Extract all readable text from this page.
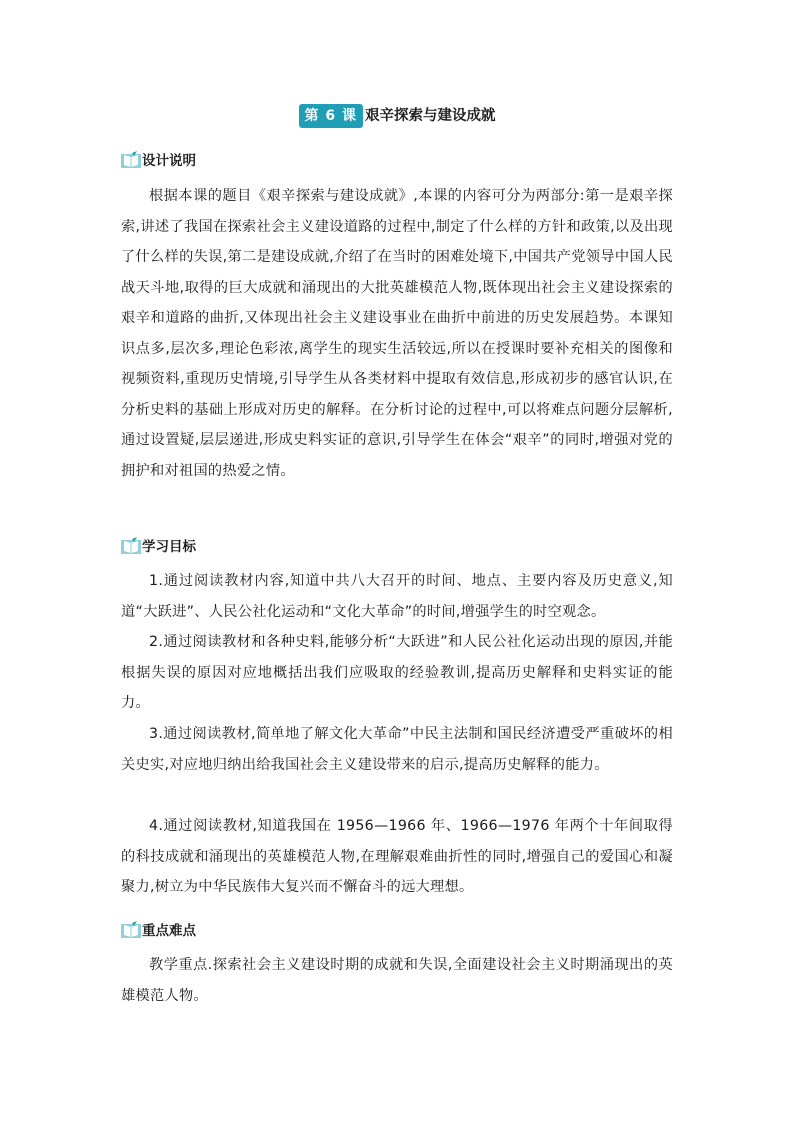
第 6 课 艰辛探索与建设成就
设计说明

根据本课的题目《艰辛探索与建设成就》,本课的内容可分为两部分:第一是艰辛探索,讲述了我国在探索社会主义建设道路的过程中,制定了什么样的方针和政策,以及出现了什么样的失误,第二是建设成就,介绍了在当时的困难处境下,中国共产党领导中国人民战天斗地,取得的巨大成就和涌现出的大批英雄模范人物,既体现出社会主义建设探索的艰辛和道路的曲折,又体现出社会主义建设事业在曲折中前进的历史发展趋势。本课知识点多,层次多,理论色彩浓,离学生的现实生活较远,所以在授课时要补充相关的图像和视频资料,重现历史情境,引导学生从各类材料中提取有效信息,形成初步的感官认识,在分析史料的基础上形成对历史的解释。在分析讨论的过程中,可以将难点问题分层解析,通过设置疑,层层递进,形成史料实证的意识,引导学生在体会“艰辛”的同时,增强对党的拥护和对祖国的热爱之情。

学习目标

1.通过阅读教材内容,知道中共八大召开的时间、地点、主要内容及历史意义,知道“大跃进”、人民公社化运动和“文化大革命”的时间,增强学生的时空观念。

2.通过阅读教材和各种史料,能够分析“大跃进”和人民公社化运动出现的原因,并能根据失误的原因对应地概括出我们应吸取的经验教训,提高历史解释和史料实证的能力。

3.通过阅读教材,简单地了解文化大革命”中民主法制和国民经济遭受严重破坏的相关史实,对应地归纳出给我国社会主义建设带来的启示,提高历史解释的能力。

4.通过阅读教材,知道我国在 1956—1966 年、1966—1976 年两个十年间取得的科技成就和涌现出的英雄模范人物,在理解艰难曲折性的同时,增强自己的爱国心和凝聚力,树立为中华民族伟大复兴而不懈奋斗的远大理想。

重点难点

教学重点.探索社会主义建设时期的成就和失误,全面建设社会主义时期涌现出的英雄模范人物。
